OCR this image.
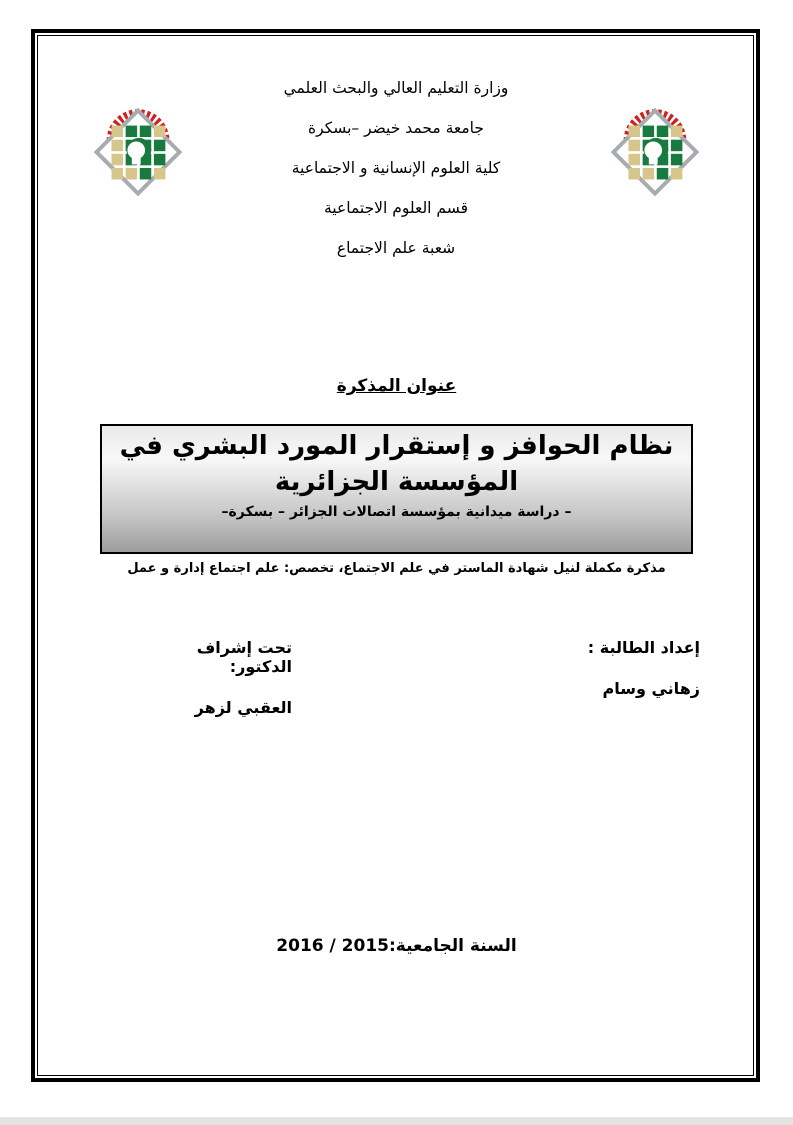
وزارة التعليم العالي والبحث العلمي

جامعة محمد خيضر –بسكرة

كلية العلوم الإنسانية و الاجتماعية

قسم العلوم الاجتماعية

شعبة علم الاجتماع

عنوان المذكرة
نظام الحوافز و إستقرار المورد البشري في المؤسسة الجزائرية
– دراسة ميدانية بمؤسسة اتصالات الجزائر – بسكرة–
مذكرة مكملة لنيل شهادة الماستر في علم الاجتماع، تخصص: علم اجتماع إدارة و عمل

إعداد الطالبة :

زهاني وسام

تحت إشراف الدكتور:

العقبي لزهر

السنة الجامعية:2015 / 2016
